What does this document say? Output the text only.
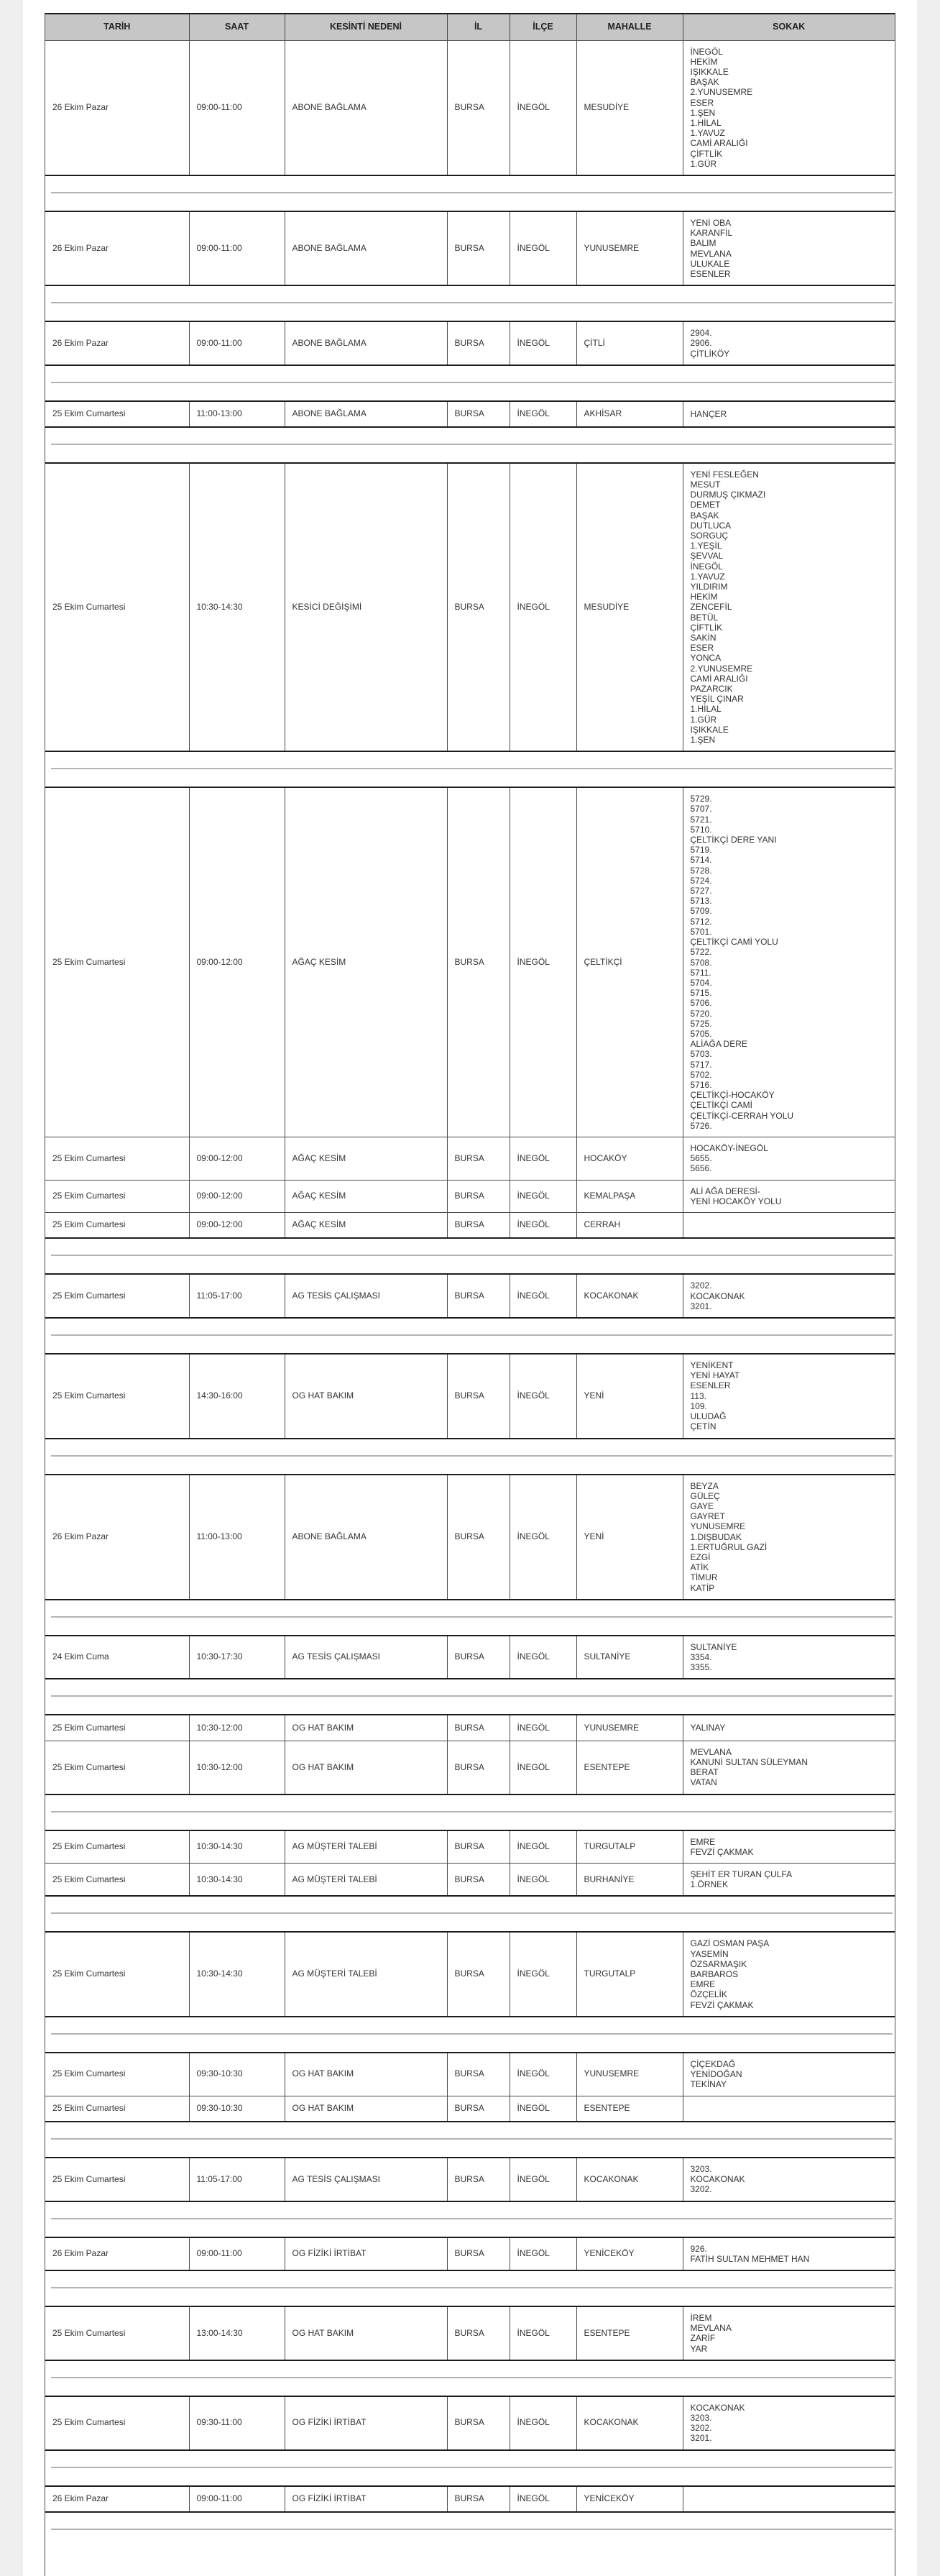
TARİH	SAAT	KESİNTİ NEDENİ	İL	İLÇE	MAHALLE	SOKAK
26 Ekim Pazar	09:00-11:00	ABONE BAĞLAMA	BURSA	İNEGÖL	MESUDİYE	
İNEGÖL
HEKİM
IŞIKKALE
BAŞAK
2.YUNUSEMRE
ESER
1.ŞEN
1.HİLAL
1.YAVUZ
CAMİ ARALIĞI
ÇİFTLİK
1.GÜR
26 Ekim Pazar	09:00-11:00	ABONE BAĞLAMA	BURSA	İNEGÖL	YUNUSEMRE	
YENİ OBA
KARANFİL
BALIM
MEVLANA
ULUKALE
ESENLER
26 Ekim Pazar	09:00-11:00	ABONE BAĞLAMA	BURSA	İNEGÖL	ÇİTLİ	
2904.
2906.
ÇİTLİKÖY
25 Ekim Cumartesi	11:00-13:00	ABONE BAĞLAMA	BURSA	İNEGÖL	AKHİSAR	HANÇER
25 Ekim Cumartesi	10:30-14:30	KESİCİ DEĞİŞİMİ	BURSA	İNEGÖL	MESUDİYE	
YENİ FESLEĞEN
MESUT
DURMUŞ ÇIKMAZI
DEMET
BAŞAK
DUTLUCA
SORGUÇ
1.YEŞİL
ŞEVVAL
İNEGÖL
1.YAVUZ
YILDIRIM
HEKİM
ZENCEFİL
BETÜL
ÇİFTLİK
SAKİN
ESER
YONCA
2.YUNUSEMRE
CAMİ ARALIĞI
PAZARCIK
YEŞİL ÇINAR
1.HİLAL
1.GÜR
IŞIKKALE
1.ŞEN
25 Ekim Cumartesi	09:00-12:00	AĞAÇ KESİM	BURSA	İNEGÖL	ÇELTİKÇİ	
5729.
5707.
5721.
5710.
ÇELTİKÇİ DERE YANI
5719.
5714.
5728.
5724.
5727.
5713.
5709.
5712.
5701.
ÇELTİKÇİ CAMİ YOLU
5722.
5708.
5711.
5704.
5715.
5706.
5720.
5725.
5705.
ALİAĞA DERE
5703.
5717.
5702.
5716.
ÇELTİKÇİ-HOCAKÖY
ÇELTİKÇİ CAMİ
ÇELTİKÇİ-CERRAH YOLU
5726.

25 Ekim Cumartesi	09:00-12:00	AĞAÇ KESİM	BURSA	İNEGÖL	HOCAKÖY	HOCAKÖY-İNEGÖL
5655.
5656.

25 Ekim Cumartesi	09:00-12:00	AĞAÇ KESİM	BURSA	İNEGÖL	KEMALPAŞA	ALİ AĞA DERESİ-
YENİ HOCAKÖY YOLU

25 Ekim Cumartesi	09:00-12:00	AĞAÇ KESİM	BURSA	İNEGÖL	CERRAH	
25 Ekim Cumartesi	11:05-17:00	AG TESİS ÇALIŞMASI	BURSA	İNEGÖL	KOCAKONAK	
3202.
KOCAKONAK
3201.
25 Ekim Cumartesi	14:30-16:00	OG HAT BAKIM	BURSA	İNEGÖL	YENİ	
YENİKENT
YENİ HAYAT
ESENLER
113.
109.
ULUDAĞ
ÇETİN
26 Ekim Pazar	11:00-13:00	ABONE BAĞLAMA	BURSA	İNEGÖL	YENİ	
BEYZA
GÜLEÇ
GAYE
GAYRET
YUNUSEMRE
1.DIŞBUDAK
1.ERTUĞRUL GAZİ
EZGİ
ATİK
TİMUR
KATİP
24 Ekim Cuma	10:30-17:30	AG TESİS ÇALIŞMASI	BURSA	İNEGÖL	SULTANİYE	
SULTANİYE
3354.
3355.
25 Ekim Cumartesi	10:30-12:00	OG HAT BAKIM	BURSA	İNEGÖL	YUNUSEMRE	YALINAY

25 Ekim Cumartesi	10:30-12:00	OG HAT BAKIM	BURSA	İNEGÖL	ESENTEPE	MEVLANA
KANUNİ SULTAN SÜLEYMAN
BERAT
VATAN
25 Ekim Cumartesi	10:30-14:30	AG MÜŞTERİ TALEBİ	BURSA	İNEGÖL	TURGUTALP	EMRE
FEVZİ ÇAKMAK

25 Ekim Cumartesi	10:30-14:30	AG MÜŞTERİ TALEBİ	BURSA	İNEGÖL	BURHANİYE	ŞEHİT ER TURAN ÇULFA
1.ÖRNEK
25 Ekim Cumartesi	10:30-14:30	AG MÜŞTERİ TALEBİ	BURSA	İNEGÖL	TURGUTALP	
GAZİ OSMAN PAŞA
YASEMİN
ÖZSARMAŞIK
BARBAROS
EMRE
ÖZÇELİK
FEVZİ ÇAKMAK
25 Ekim Cumartesi	09:30-10:30	OG HAT BAKIM	BURSA	İNEGÖL	YUNUSEMRE	ÇİÇEKDAĞ
YENİDOĞAN
TEKİNAY

25 Ekim Cumartesi	09:30-10:30	OG HAT BAKIM	BURSA	İNEGÖL	ESENTEPE	
25 Ekim Cumartesi	11:05-17:00	AG TESİS ÇALIŞMASI	BURSA	İNEGÖL	KOCAKONAK	
3203.
KOCAKONAK
3202.
26 Ekim Pazar	09:00-11:00	OG FİZİKİ İRTİBAT	BURSA	İNEGÖL	YENİCEKÖY	926.
FATİH SULTAN MEHMET HAN
25 Ekim Cumartesi	13:00-14:30	OG HAT BAKIM	BURSA	İNEGÖL	ESENTEPE	
İREM
MEVLANA
ZARİF
YAR
25 Ekim Cumartesi	09:30-11:00	OG FİZİKİ İRTİBAT	BURSA	İNEGÖL	KOCAKONAK	
KOCAKONAK
3203.
3202.
3201.
26 Ekim Pazar	09:00-11:00	OG FİZİKİ İRTİBAT	BURSA	İNEGÖL	YENİCEKÖY	
